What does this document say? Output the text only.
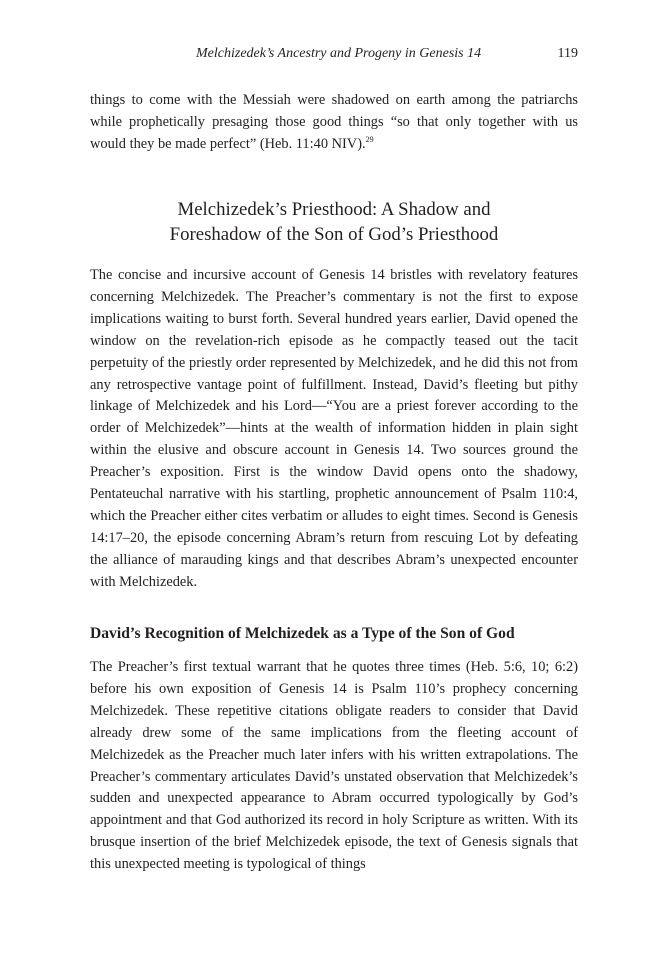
Melchizedek’s Ancestry and Progeny in Genesis 14	119

things to come with the Messiah were shadowed on earth among the patriarchs while prophetically presaging those good things “so that only together with us would they be made perfect” (Heb. 11:40 NIV).$^{29}$

Melchizedek’s Priesthood: A Shadow and
Foreshadow of the Son of God’s Priesthood

The concise and incursive account of Genesis 14 bristles with revelatory features concerning Melchizedek. The Preacher’s commentary is not the first to expose implications waiting to burst forth. Several hundred years earlier, David opened the window on the revelation-rich episode as he compactly teased out the tacit perpetuity of the priestly order represented by Melchizedek, and he did this not from any retrospective vantage point of fulfillment. Instead, David’s fleeting but pithy linkage of Melchizedek and his Lord—“You are a priest forever according to the order of Melchizedek”—hints at the wealth of information hidden in plain sight within the elusive and obscure account in Genesis 14. Two sources ground the Preacher’s exposition. First is the window David opens onto the shadowy, Pentateuchal narrative with his startling, prophetic announcement of Psalm 110:4, which the Preacher either cites verbatim or alludes to eight times. Second is Genesis 14:17–20, the episode concerning Abram’s return from rescuing Lot by defeating the alliance of marauding kings and that describes Abram’s unexpected encounter with Melchizedek.

David’s Recognition of Melchizedek as a Type of the Son of God

The Preacher’s first textual warrant that he quotes three times (Heb. 5:6, 10; 6:2) before his own exposition of Genesis 14 is Psalm 110’s prophecy concerning Melchizedek. These repetitive citations obligate readers to consider that David already drew some of the same implications from the fleeting account of Melchizedek as the Preacher much later infers with his written extrapolations. The Preacher’s commentary articulates David’s unstated observation that Melchizedek’s sudden and unexpected appearance to Abram occurred typologically by God’s appointment and that God authorized its record in holy Scripture as written. With its brusque insertion of the brief Melchizedek episode, the text of Genesis signals that this unexpected meeting is typological of things
